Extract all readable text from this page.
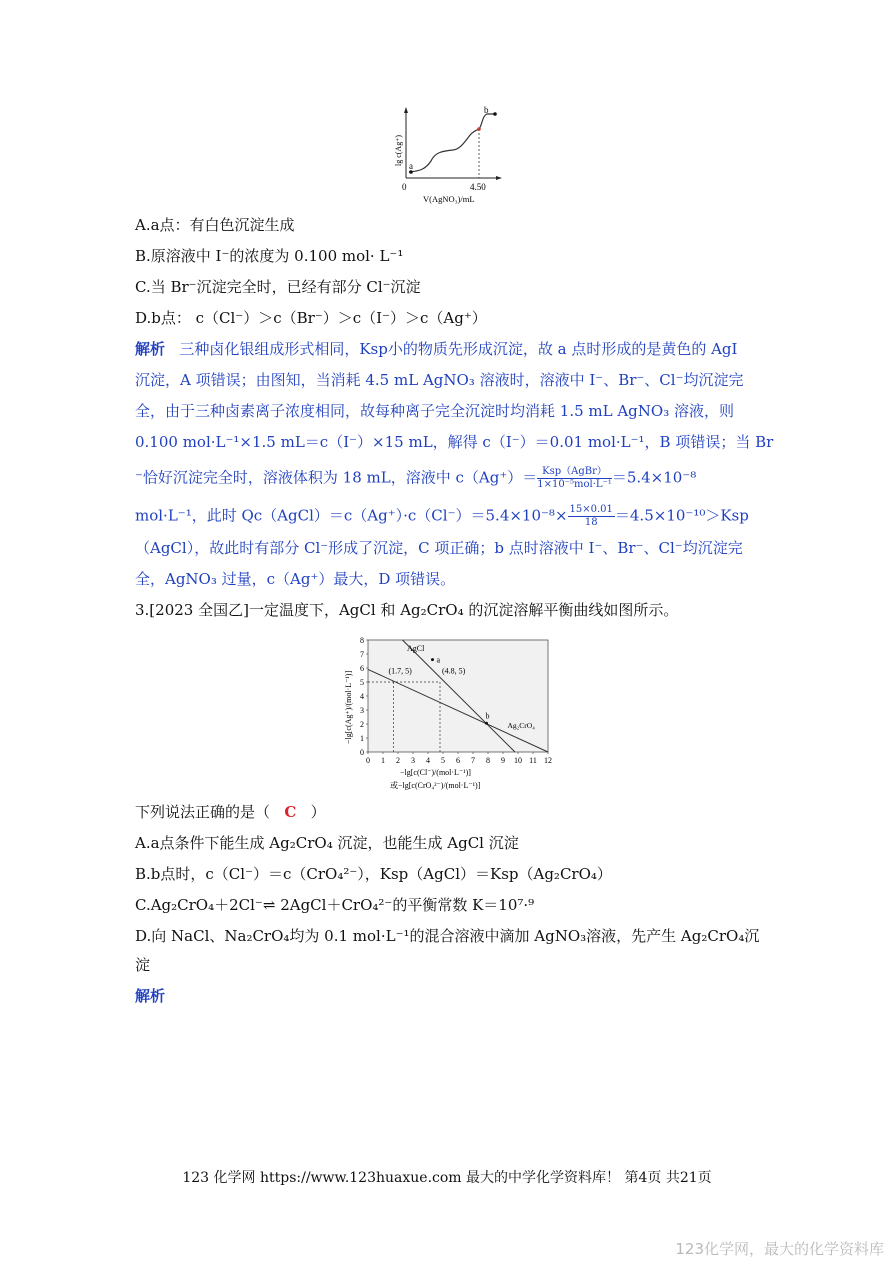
a
b
lg c(Ag⁺)
0	4.50
V(AgNO₃)/mL
A.a点：有白色沉淀生成
B.原溶液中 I⁻的浓度为 0.100 mol· L⁻¹
C.当 Br⁻沉淀完全时，已经有部分 Cl⁻沉淀
D.b点： c（Cl⁻）＞c（Br⁻）＞c（I⁻）＞c（Ag⁺）
解析 三种卤化银组成形式相同，Ksp小的物质先形成沉淀，故 a 点时形成的是黄色的 AgI
沉淀，A 项错误；由图知，当消耗 4.5 mL AgNO₃ 溶液时，溶液中 I⁻、Br⁻、Cl⁻均沉淀完
全，由于三种卤素离子浓度相同，故每种离子完全沉淀时均消耗 1.5 mL AgNO₃ 溶液，则
0.100 mol·L⁻¹×1.5 mL＝c（I⁻）×15 mL，解得 c（I⁻）＝0.01 mol·L⁻¹，B 项错误；当 Br
⁻恰好沉淀完全时，溶液体积为 18 mL，溶液中 c（Ag⁺）＝ Ksp（AgBr）
1×10⁻⁵mol·L⁻¹ ＝5.4×10⁻⁸
mol·L⁻¹，此时 Qc（AgCl）＝c（Ag⁺）·c（Cl⁻）＝5.4×10⁻⁸× $\frac{15\times 0.01}{18} =4.5\times 10^{-10}>Ksp$
（AgCl），故此时有部分 Cl⁻形成了沉淀，C 项正确；b 点时溶液中 I⁻、Br⁻、Cl⁻均沉淀完
全，AgNO₃ 过量，c（Ag⁺）最大，D 项错误。
3.[2023 全国乙]一定温度下，AgCl 和 Ag₂CrO₄ 的沉淀溶解平衡曲线如图所示。
0 1 2 3 4 5 6 7 8 9 10 11 12
0
1
2
3
4
5
6
7
8
AgCl
Ag₂CrO₄
a
b
(1.7, 5)	(4.8, 5)
−lg[c(Ag⁺)/(mol·L⁻¹)]
−lg[c(Cl⁻)/(mol·L⁻¹)]
或−lg[c(CrO₄²⁻)/(mol·L⁻¹)]
下列说法正确的是（ C ）
A.a点条件下能生成 Ag₂CrO₄ 沉淀，也能生成 AgCl 沉淀
B.b点时，c（Cl⁻）＝c（CrO₄²⁻），Ksp（AgCl）＝Ksp（Ag₂CrO₄）
C.Ag₂CrO₄＋2Cl⁻⇌ 2AgCl＋CrO₄²⁻的平衡常数 K＝10⁷·⁹
D.向 NaCl、Na₂CrO₄均为 0.1 mol·L⁻¹的混合溶液中滴加 AgNO₃溶液，先产生 Ag₂CrO₄沉
淀
解析
123 化学网 https://www.123huaxue.com 最大的中学化学资料库！ 第4页 共21页
123化学网，最大的化学资料库
